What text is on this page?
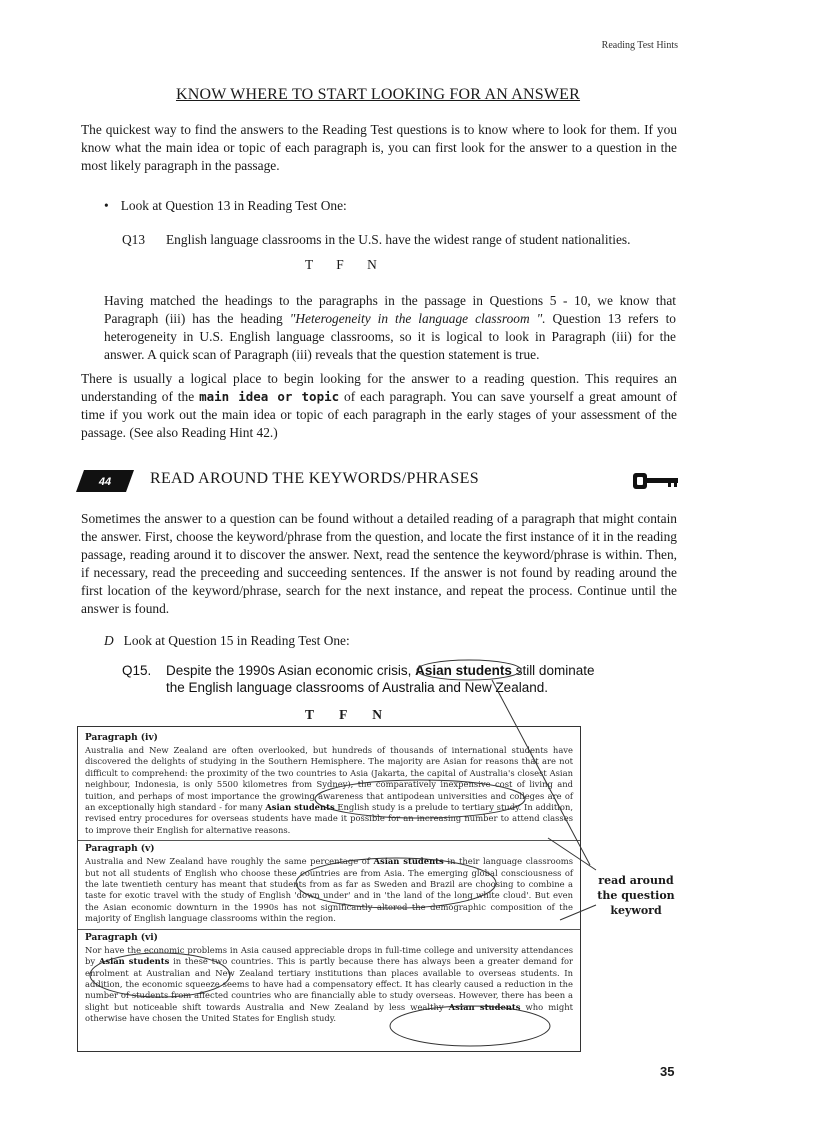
Reading Test Hints
KNOW WHERE TO START LOOKING FOR AN ANSWER
The quickest way to find the answers to the Reading Test questions is to know where to look for them. If you know what the main idea or topic of each paragraph is, you can first look for the answer to a question in the most likely paragraph in the passage.
• Look at Question 13 in Reading Test One:
Q13 English language classrooms in the U.S. have the widest range of student nationalities.
T F N
Having matched the headings to the paragraphs in the passage in Questions 5 - 10, we know that Paragraph (iii) has the heading "Heterogeneity in the language classroom ". Question 13 refers to heterogeneity in U.S. English language classrooms, so it is logical to look in Paragraph (iii) for the answer. A quick scan of Paragraph (iii) reveals that the question statement is true.
There is usually a logical place to begin looking for the answer to a reading question. This requires an understanding of the main idea or topic of each paragraph. You can save yourself a great amount of time if you work out the main idea or topic of each paragraph in the early stages of your assessment of the passage. (See also Reading Hint 42.)
44 READ AROUND THE KEYWORDS/PHRASES
Sometimes the answer to a question can be found without a detailed reading of a paragraph that might contain the answer. First, choose the keyword/phrase from the question, and locate the first instance of it in the reading passage, reading around it to discover the answer. Next, read the sentence the keyword/phrase is within. Then, if necessary, read the preceeding and succeeding sentences. If the answer is not found by reading around the first location of the keyword/phrase, search for the next instance, and repeat the process. Continue until the answer is found.
D Look at Question 15 in Reading Test One:
Q15. Despite the 1990s Asian economic crisis, Asian students still dominate
the English language classrooms of Australia and New Zealand.
T F N
Paragraph (iv)

Australia and New Zealand are often overlooked, but hundreds of thousands of international students have discovered the delights of studying in the Southern Hemisphere. The majority are Asian for reasons that are not difficult to comprehend: the proximity of the two countries to Asia (Jakarta, the capital of Australia's closest Asian neighbour, Indonesia, is only 5500 kilometres from Sydney), the comparatively inexpensive cost of living and tuition, and perhaps of most importance the growing awareness that antipodean universities and colleges are of an exceptionally high standard - for many Asian students English study is a prelude to tertiary study. In addition, revised entry procedures for overseas students have made it possible for an increasing number to attend classes to improve their English for alternative reasons.

Paragraph (v)

Australia and New Zealand have roughly the same percentage of Asian students in their language classrooms but not all students of English who choose these countries are from Asia. The emerging global consciousness of the late twentieth century has meant that students from as far as Sweden and Brazil are choosing to combine a taste for exotic travel with the study of English 'down under' and in 'the land of the long white cloud'. But even the Asian economic downturn in the 1990s has not significantly altered the demographic composition of the majority of English language classrooms within the region.

Paragraph (vi)

Nor have the economic problems in Asia caused appreciable drops in full-time college and university attendances by Asian students in these two countries. This is partly because there has always been a greater demand for enrolment at Australian and New Zealand tertiary institutions than places available to overseas students. In addition, the economic squeeze seems to have had a compensatory effect. It has clearly caused a reduction in the number of students from affected countries who are financially able to study overseas. However, there has been a slight but noticeable shift towards Australia and New Zealand by less wealthy Asian students who might otherwise have chosen the United States for English study.

read around
the question
keyword
35
